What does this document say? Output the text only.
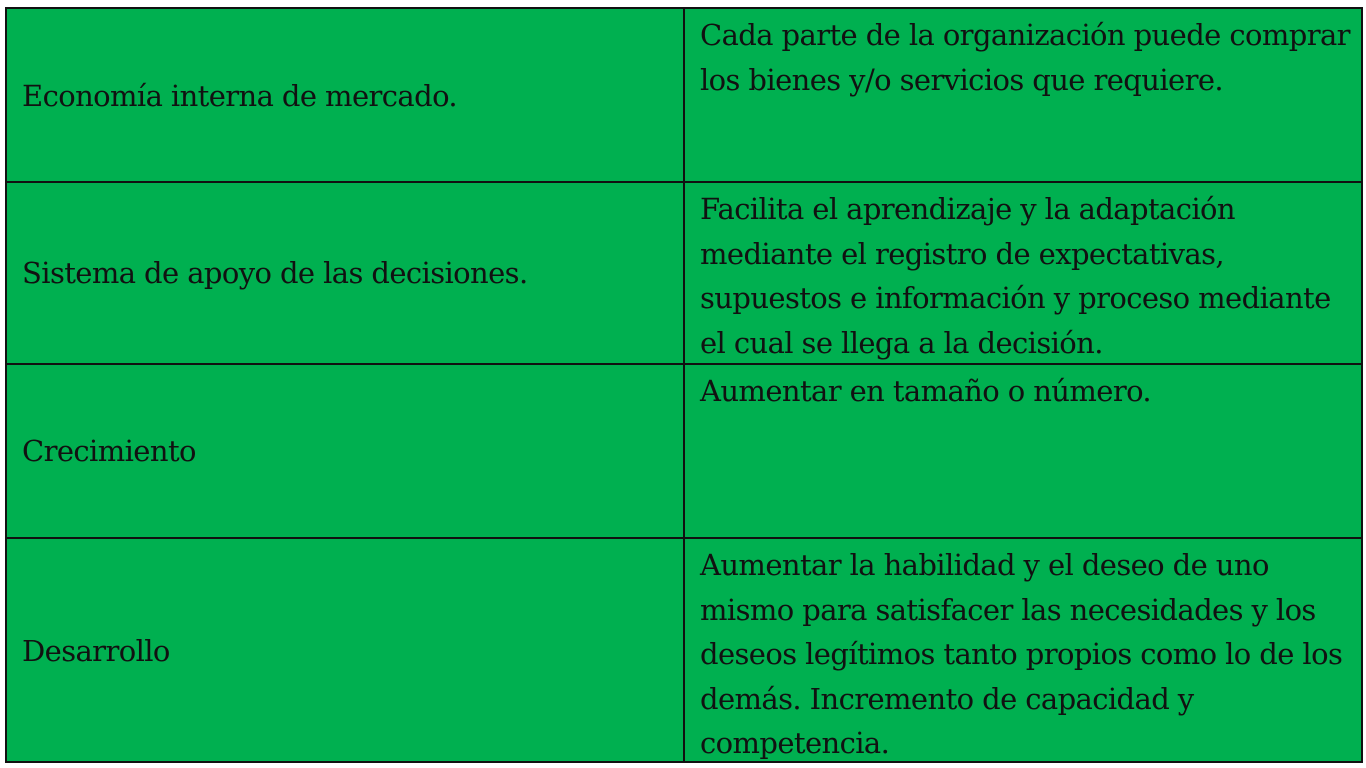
Economía interna de mercado.
Cada parte de la organización puede comprar
los bienes y/o servicios que requiere.
Sistema de apoyo de las decisiones.
Facilita el aprendizaje y la adaptación
mediante el registro de expectativas,
supuestos e información y proceso mediante
el cual se llega a la decisión.
Crecimiento
Aumentar en tamaño o número.
Desarrollo
Aumentar la habilidad y el deseo de uno
mismo para satisfacer las necesidades y los
deseos legítimos tanto propios como lo de los
demás. Incremento de capacidad y
competencia.
